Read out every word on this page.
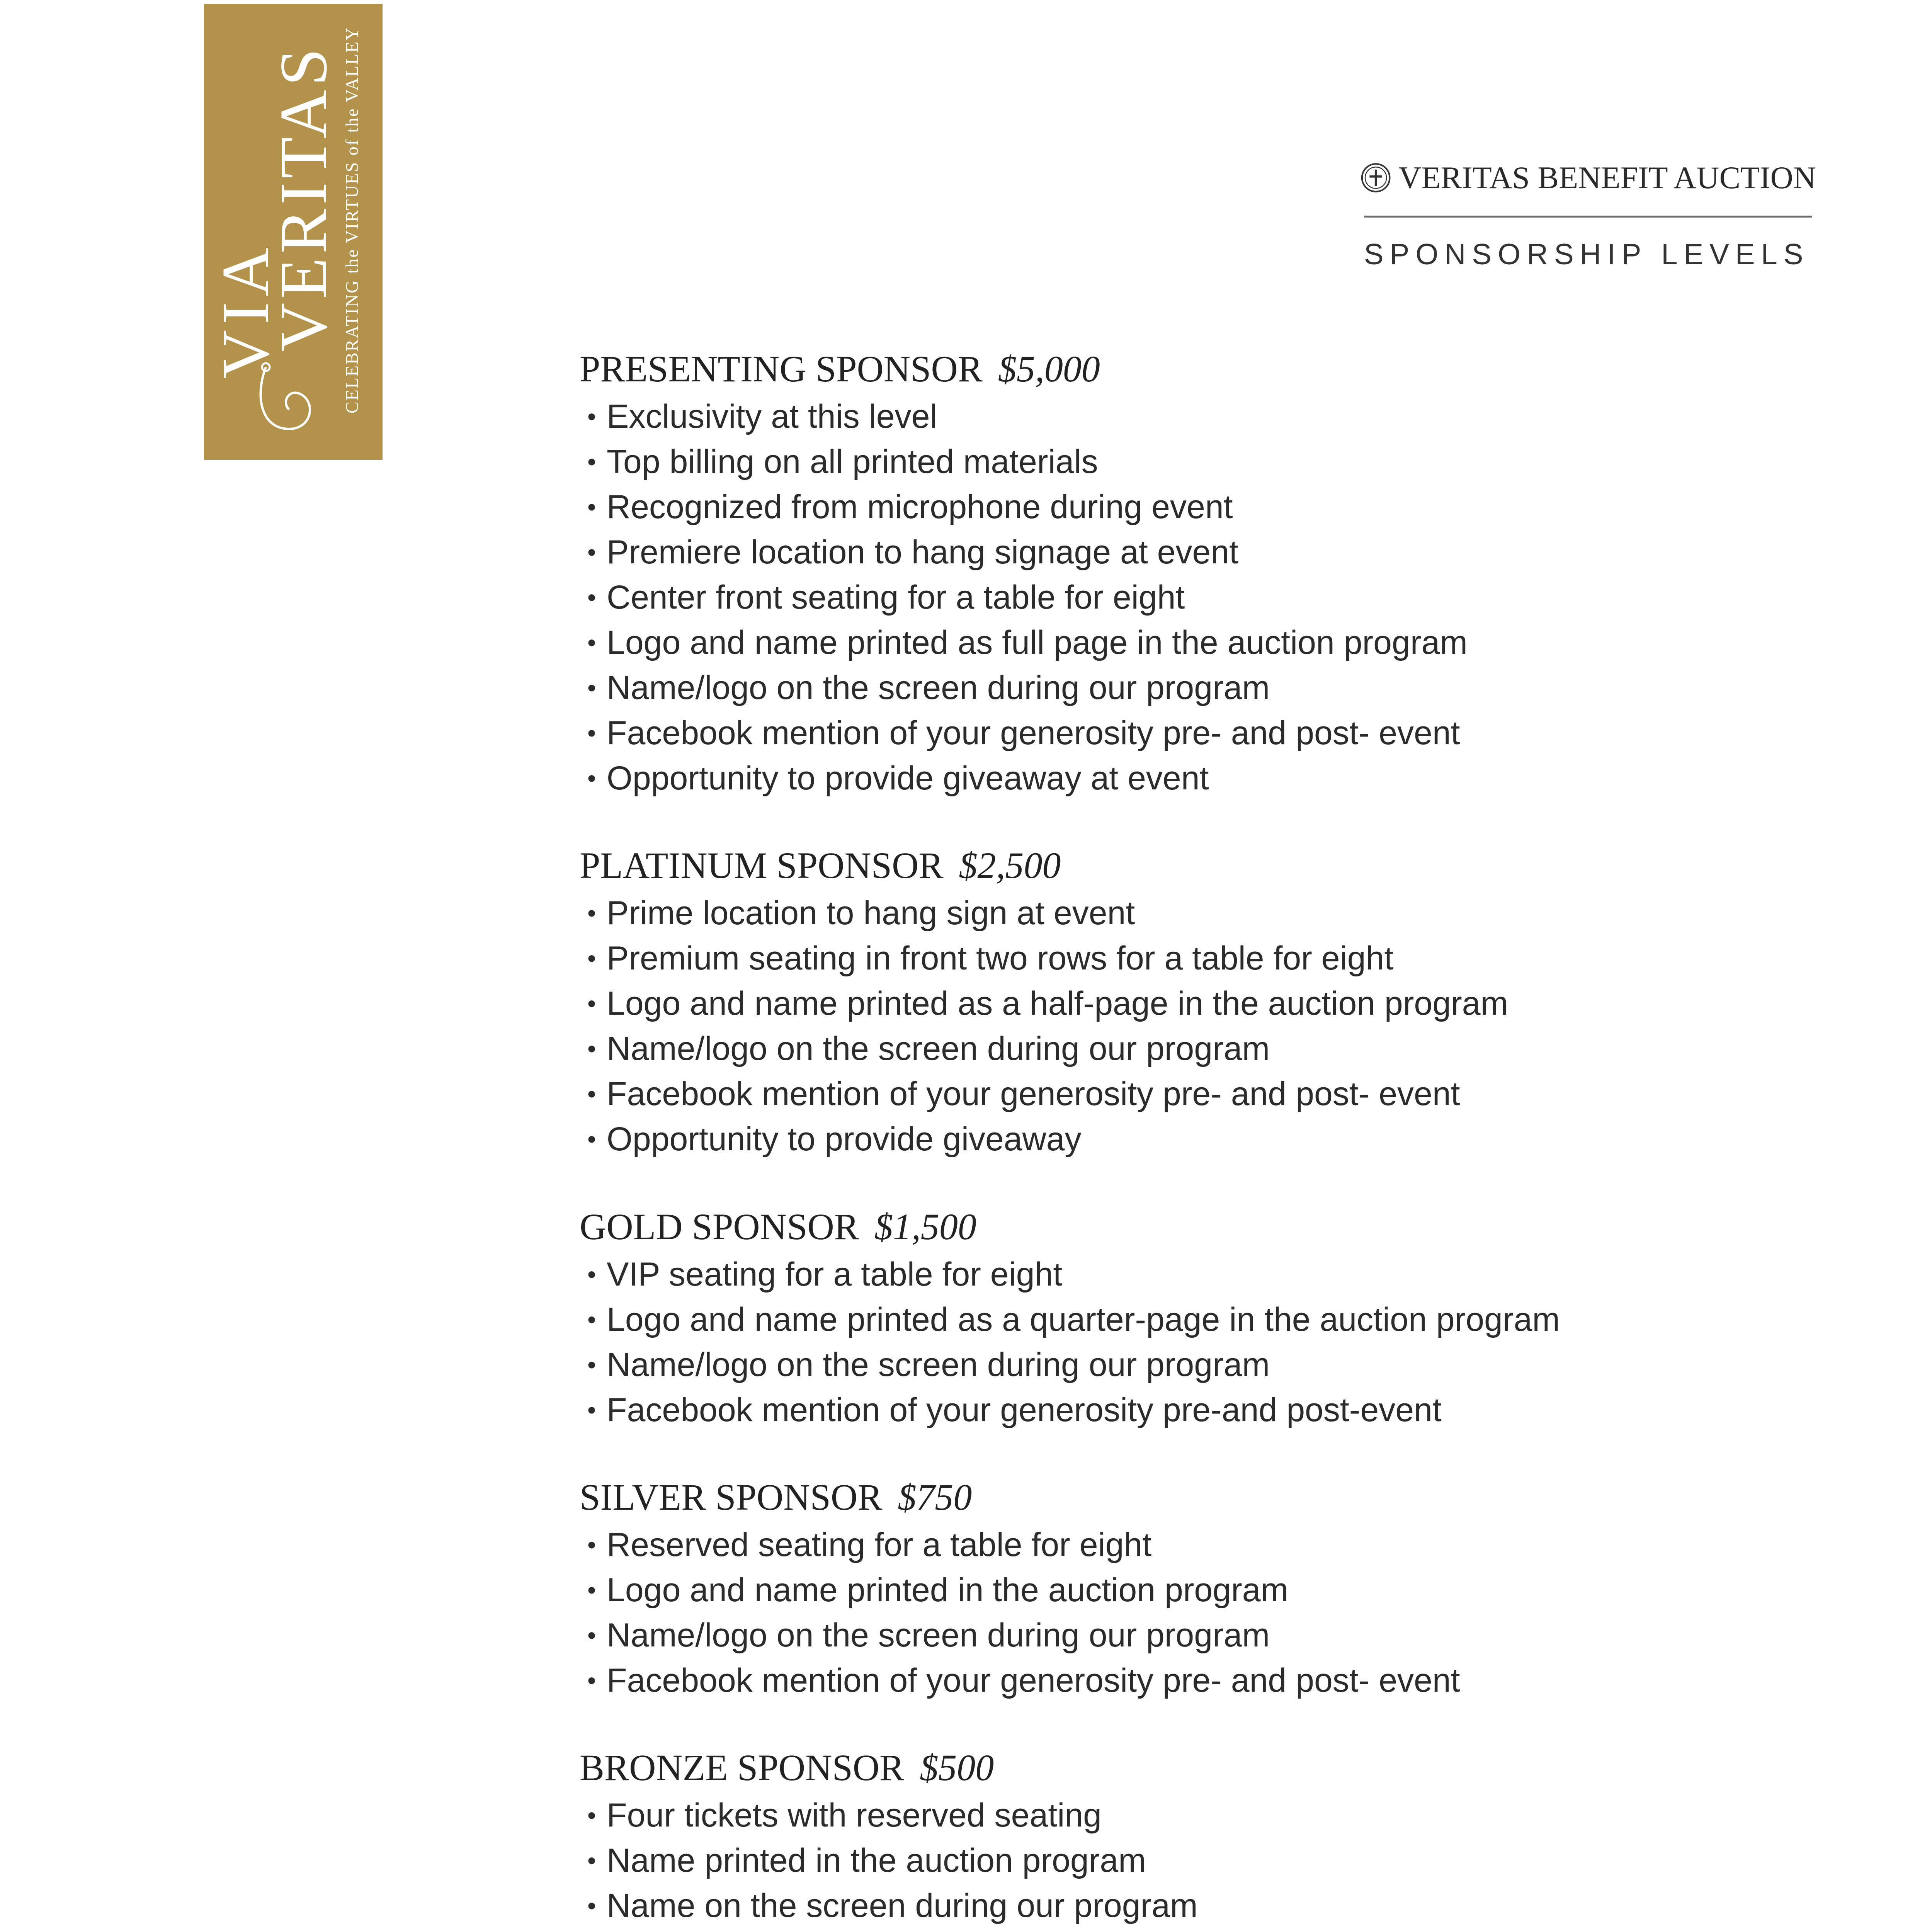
VIA
VERITAS CELEBRATING the VIRTUES of the VALLEY	VERITAS BENEFIT AUCTION
SPONSORSHIP LEVELS
PRESENTING SPONSOR $5,000
• Exclusivity at this level
• Top billing on all printed materials
• Recognized from microphone during event
• Premiere location to hang signage at event
• Center front seating for a table for eight
• Logo and name printed as full page in the auction program
• Name/logo on the screen during our program
• Facebook mention of your generosity pre- and post- event
• Opportunity to provide giveaway at event
PLATINUM SPONSOR $2,500
• Prime location to hang sign at event
• Premium seating in front two rows for a table for eight
• Logo and name printed as a half-page in the auction program
• Name/logo on the screen during our program
• Facebook mention of your generosity pre- and post- event
• Opportunity to provide giveaway
GOLD SPONSOR $1,500
• VIP seating for a table for eight
• Logo and name printed as a quarter-page in the auction program
• Name/logo on the screen during our program
• Facebook mention of your generosity pre-and post-event
SILVER SPONSOR $750
• Reserved seating for a table for eight
• Logo and name printed in the auction program
• Name/logo on the screen during our program
• Facebook mention of your generosity pre- and post- event
BRONZE SPONSOR $500
• Four tickets with reserved seating
• Name printed in the auction program
• Name on the screen during our program
•
